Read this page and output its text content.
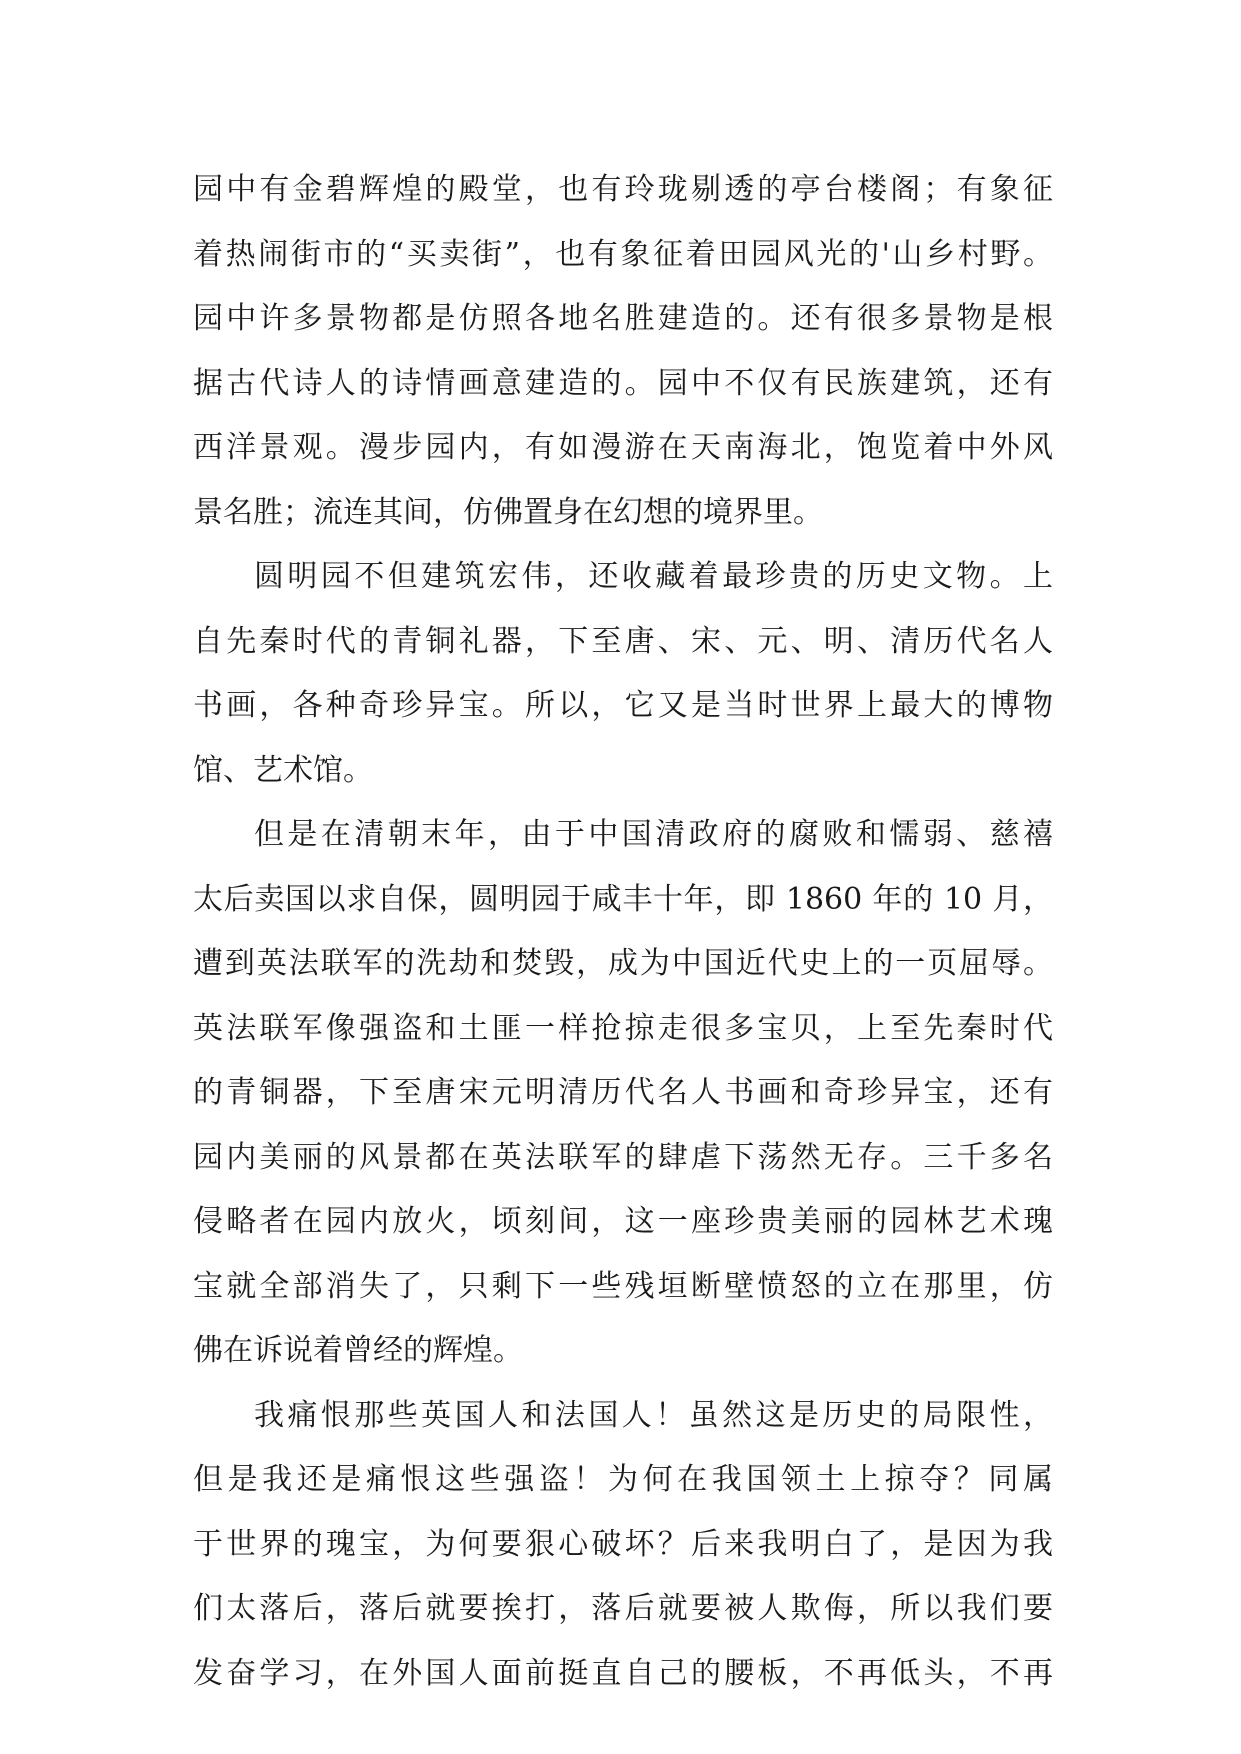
园中有金碧辉煌的殿堂，也有玲珑剔透的亭台楼阁；有象征
着热闹街市的“买卖街”，也有象征着田园风光的'山乡村野。
园中许多景物都是仿照各地名胜建造的。还有很多景物是根
据古代诗人的诗情画意建造的。园中不仅有民族建筑，还有
西洋景观。漫步园内，有如漫游在天南海北，饱览着中外风
景名胜；流连其间，仿佛置身在幻想的境界里。
圆明园不但建筑宏伟，还收藏着最珍贵的历史文物。上
自先秦时代的青铜礼器，下至唐、宋、元、明、清历代名人
书画，各种奇珍异宝。所以，它又是当时世界上最大的博物
馆、艺术馆。
但是在清朝末年，由于中国清政府的腐败和懦弱、慈禧
太后卖国以求自保，圆明园于咸丰十年，即 1860 年的 10 月，
遭到英法联军的洗劫和焚毁，成为中国近代史上的一页屈辱。
英法联军像强盗和土匪一样抢掠走很多宝贝，上至先秦时代
的青铜器，下至唐宋元明清历代名人书画和奇珍异宝，还有
园内美丽的风景都在英法联军的肆虐下荡然无存。三千多名
侵略者在园内放火，顷刻间，这一座珍贵美丽的园林艺术瑰
宝就全部消失了，只剩下一些残垣断壁愤怒的立在那里，仿
佛在诉说着曾经的辉煌。
我痛恨那些英国人和法国人！虽然这是历史的局限性，
但是我还是痛恨这些强盗！为何在我国领土上掠夺？同属
于世界的瑰宝，为何要狠心破坏？后来我明白了，是因为我
们太落后，落后就要挨打，落后就要被人欺侮，所以我们要
发奋学习，在外国人面前挺直自己的腰板，不再低头，不再
